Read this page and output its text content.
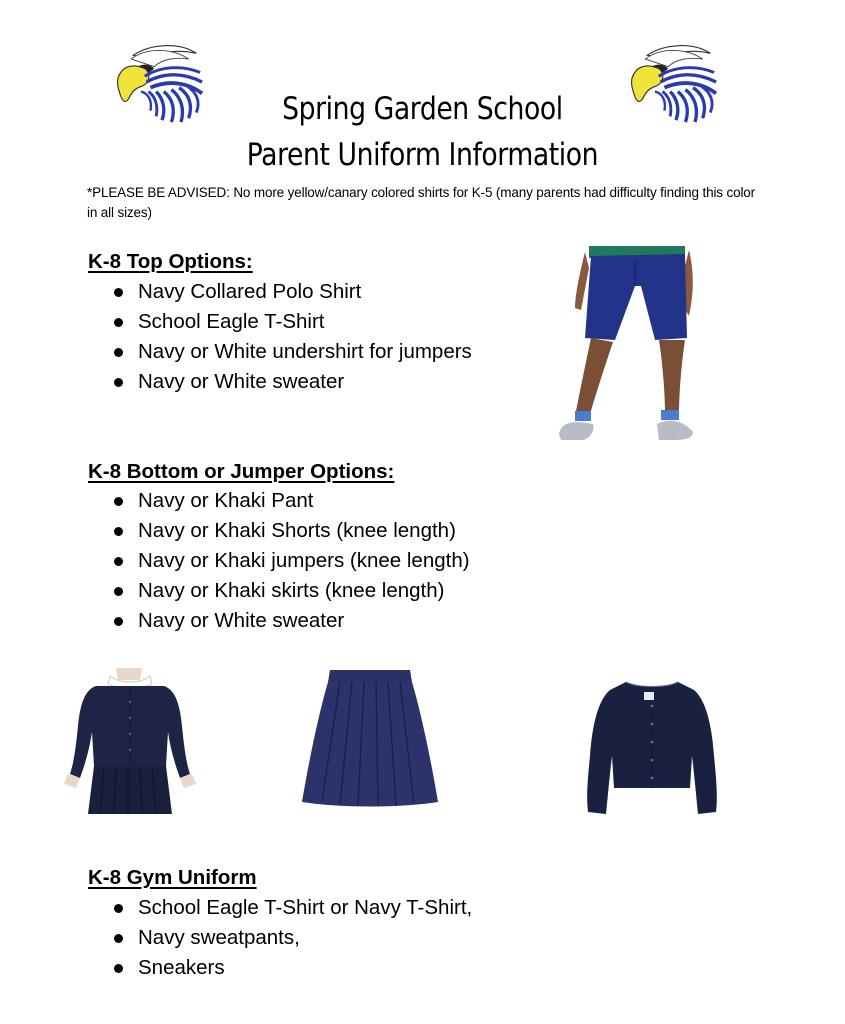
Spring Garden School
Parent Uniform Information
*PLEASE BE ADVISED: No more yellow/canary colored shirts for K-5 (many parents had difficulty finding this color in all sizes)
K-8 Top Options:
Navy Collared Polo Shirt
School Eagle T-Shirt
Navy or White undershirt for jumpers
Navy or White sweater
K-8 Bottom or Jumper Options:
Navy or Khaki Pant
Navy or Khaki Shorts (knee length)
Navy or Khaki jumpers (knee length)
Navy or Khaki skirts (knee length)
Navy or White sweater
K-8 Gym Uniform
School Eagle T-Shirt or Navy T-Shirt,
Navy sweatpants,
Sneakers
